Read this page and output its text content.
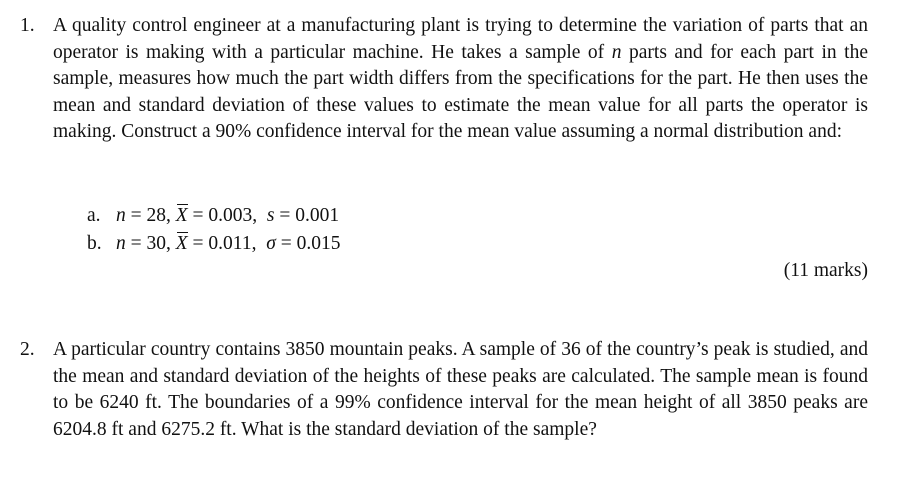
1. A quality control engineer at a manufacturing plant is trying to determine the variation of parts that an operator is making with a particular machine. He takes a sample of n parts and for each part in the sample, measures how much the part width differs from the specifications for the part. He then uses the mean and standard deviation of these values to estimate the mean value for all parts the operator is making. Construct a 90% confidence interval for the mean value assuming a normal distribution and:

a. n = 28, X = 0.003,  s = 0.001
b. n = 30, X = 0.011,  σ = 0.015
(11 marks)
2. A particular country contains 3850 mountain peaks. A sample of 36 of the country’s peak is studied, and the mean and standard deviation of the heights of these peaks are calculated. The sample mean is found to be 6240 ft. The boundaries of a 99% confidence interval for the mean height of all 3850 peaks are 6204.8 ft and 6275.2 ft. What is the standard deviation of the sample?
